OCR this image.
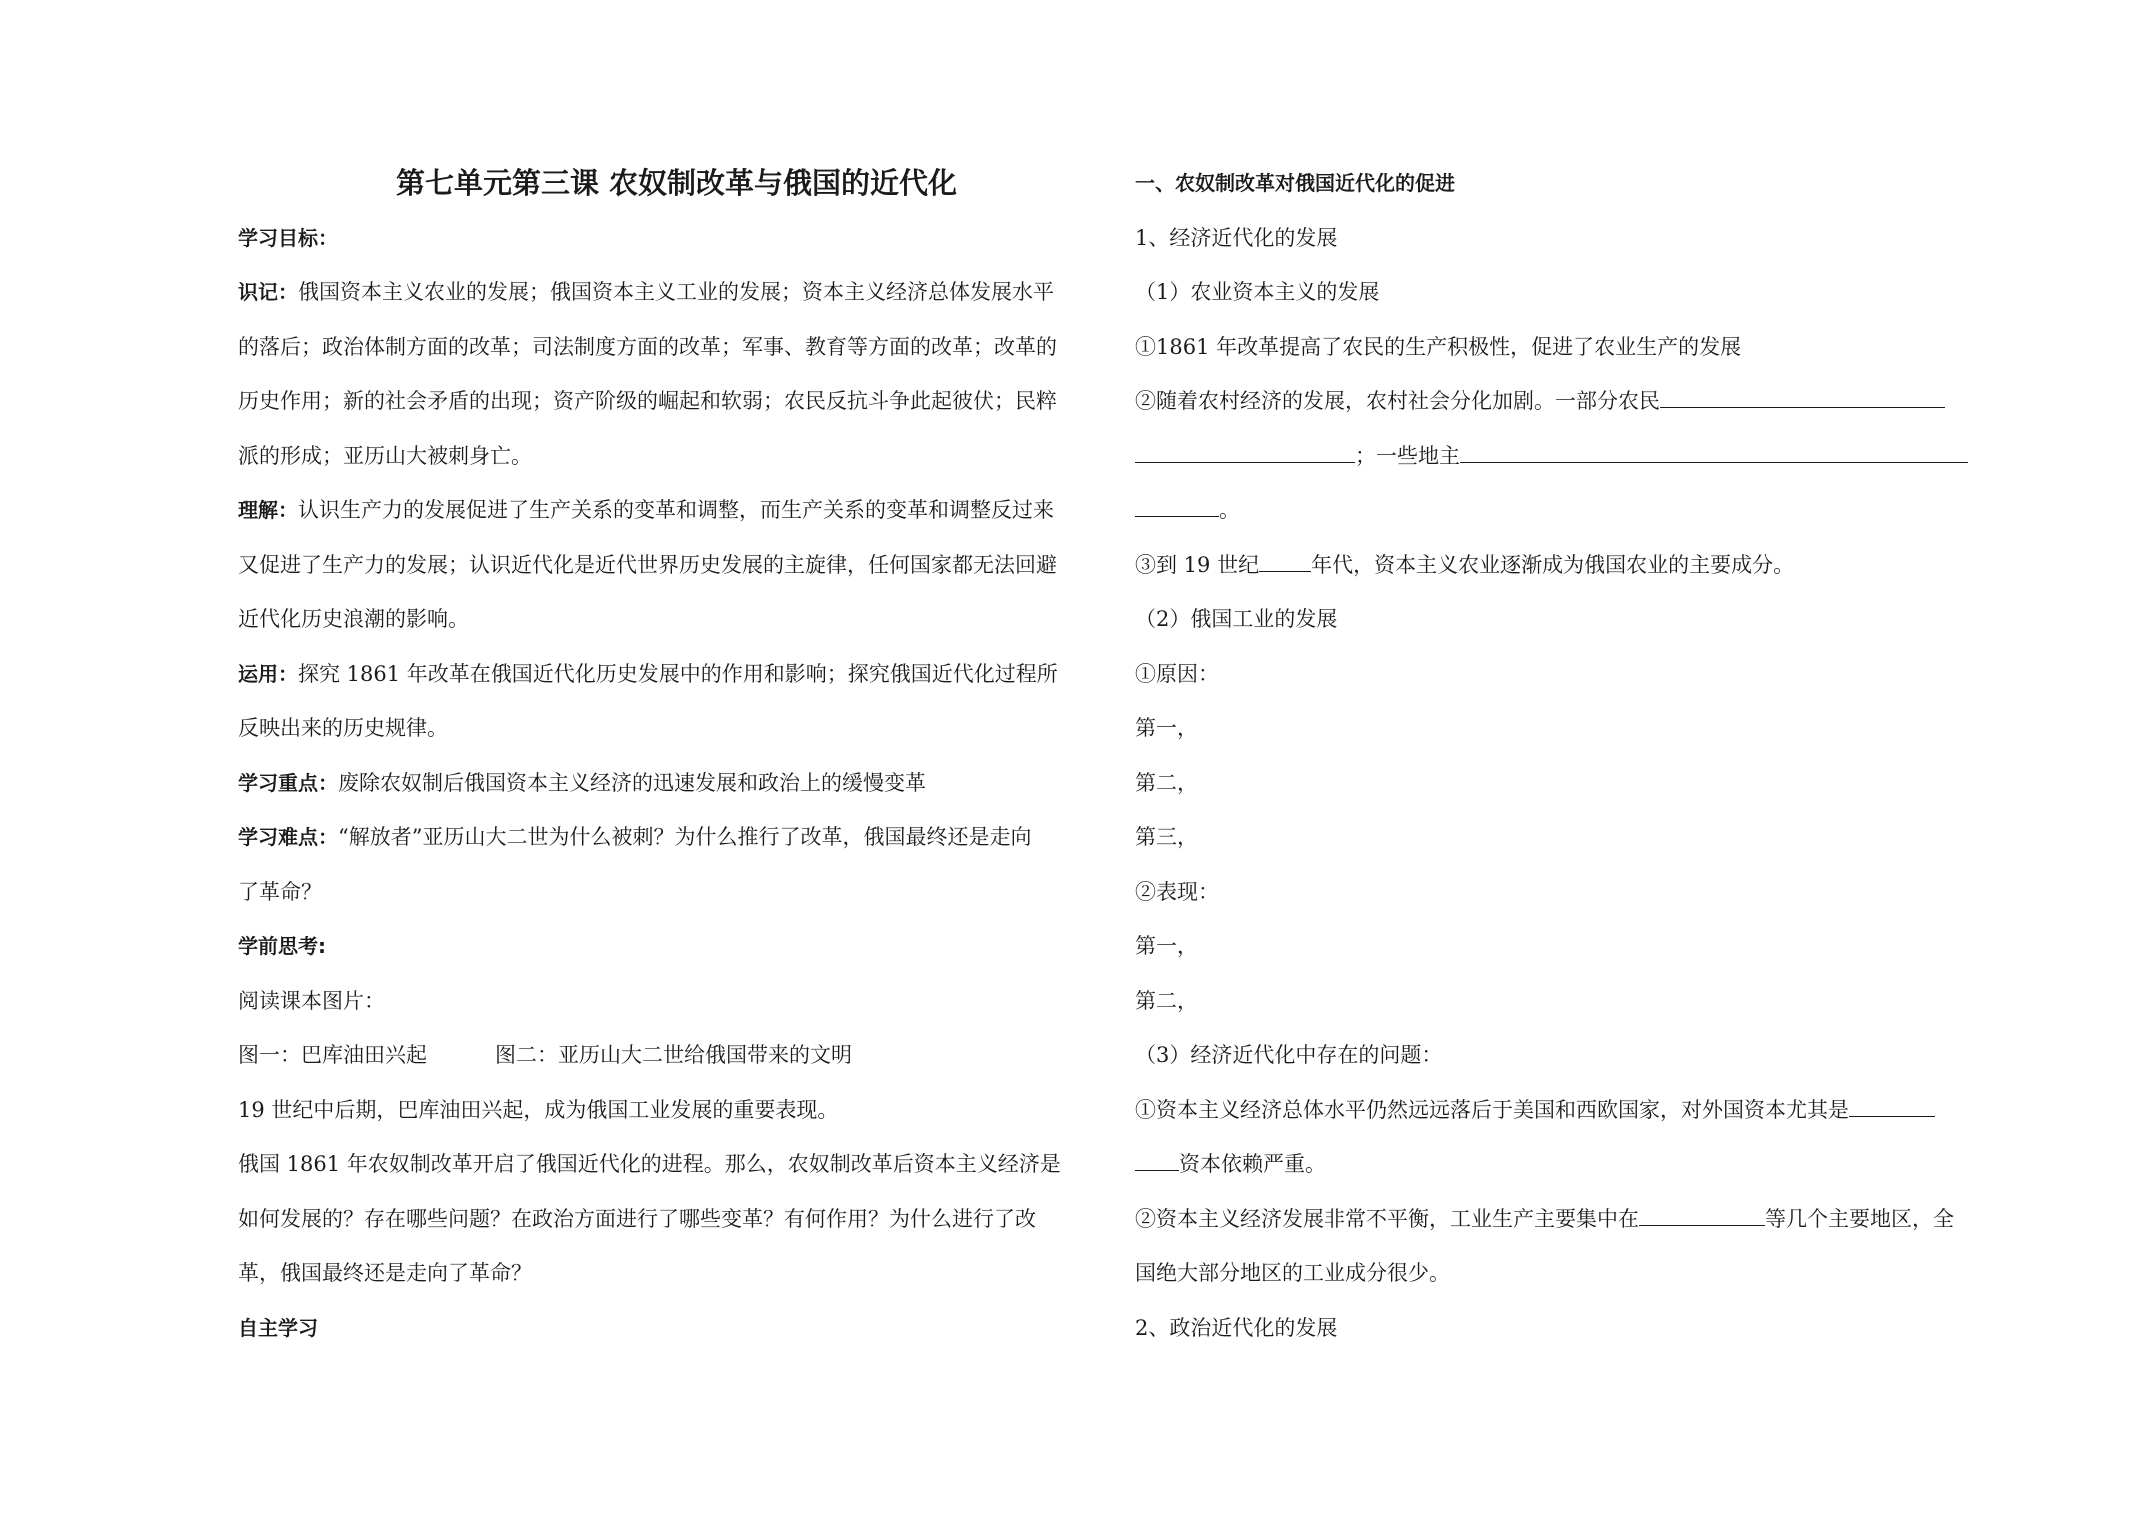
第七单元第三课 农奴制改革与俄国的近代化
学习目标：
识记：俄国资本主义农业的发展；俄国资本主义工业的发展；资本主义经济总体发展水平
的落后；政治体制方面的改革；司法制度方面的改革；军事、教育等方面的改革；改革的
历史作用；新的社会矛盾的出现；资产阶级的崛起和软弱；农民反抗斗争此起彼伏；民粹
派的形成；亚历山大被刺身亡。
理解：认识生产力的发展促进了生产关系的变革和调整，而生产关系的变革和调整反过来
又促进了生产力的发展；认识近代化是近代世界历史发展的主旋律，任何国家都无法回避
近代化历史浪潮的影响。
运用：探究 1861 年改革在俄国近代化历史发展中的作用和影响；探究俄国近代化过程所
反映出来的历史规律。
学习重点：废除农奴制后俄国资本主义经济的迅速发展和政治上的缓慢变革
学习难点：“解放者”亚历山大二世为什么被刺？为什么推行了改革，俄国最终还是走向
了革命？
学前思考:
阅读课本图片：
图一：巴库油田兴起	图二：亚历山大二世给俄国带来的文明
19 世纪中后期，巴库油田兴起，成为俄国工业发展的重要表现。
俄国 1861 年农奴制改革开启了俄国近代化的进程。那么，农奴制改革后资本主义经济是
如何发展的？存在哪些问题？在政治方面进行了哪些变革？有何作用？为什么进行了改
革，俄国最终还是走向了革命？
自主学习
一、农奴制改革对俄国近代化的促进
1、经济近代化的发展
（1）农业资本主义的发展
①1861 年改革提高了农民的生产积极性，促进了农业生产的发展
②随着农村经济的发展，农村社会分化加剧。一部分农民
；一些地主
。
③到 19 世纪 年代，资本主义农业逐渐成为俄国农业的主要成分。
（2）俄国工业的发展
①原因：
第一，
第二，
第三，
②表现：
第一，
第二，
（3）经济近代化中存在的问题：
①资本主义经济总体水平仍然远远落后于美国和西欧国家，对外国资本尤其是
资本依赖严重。
②资本主义经济发展非常不平衡，工业生产主要集中在	等几个主要地区，全
国绝大部分地区的工业成分很少。
2、政治近代化的发展
